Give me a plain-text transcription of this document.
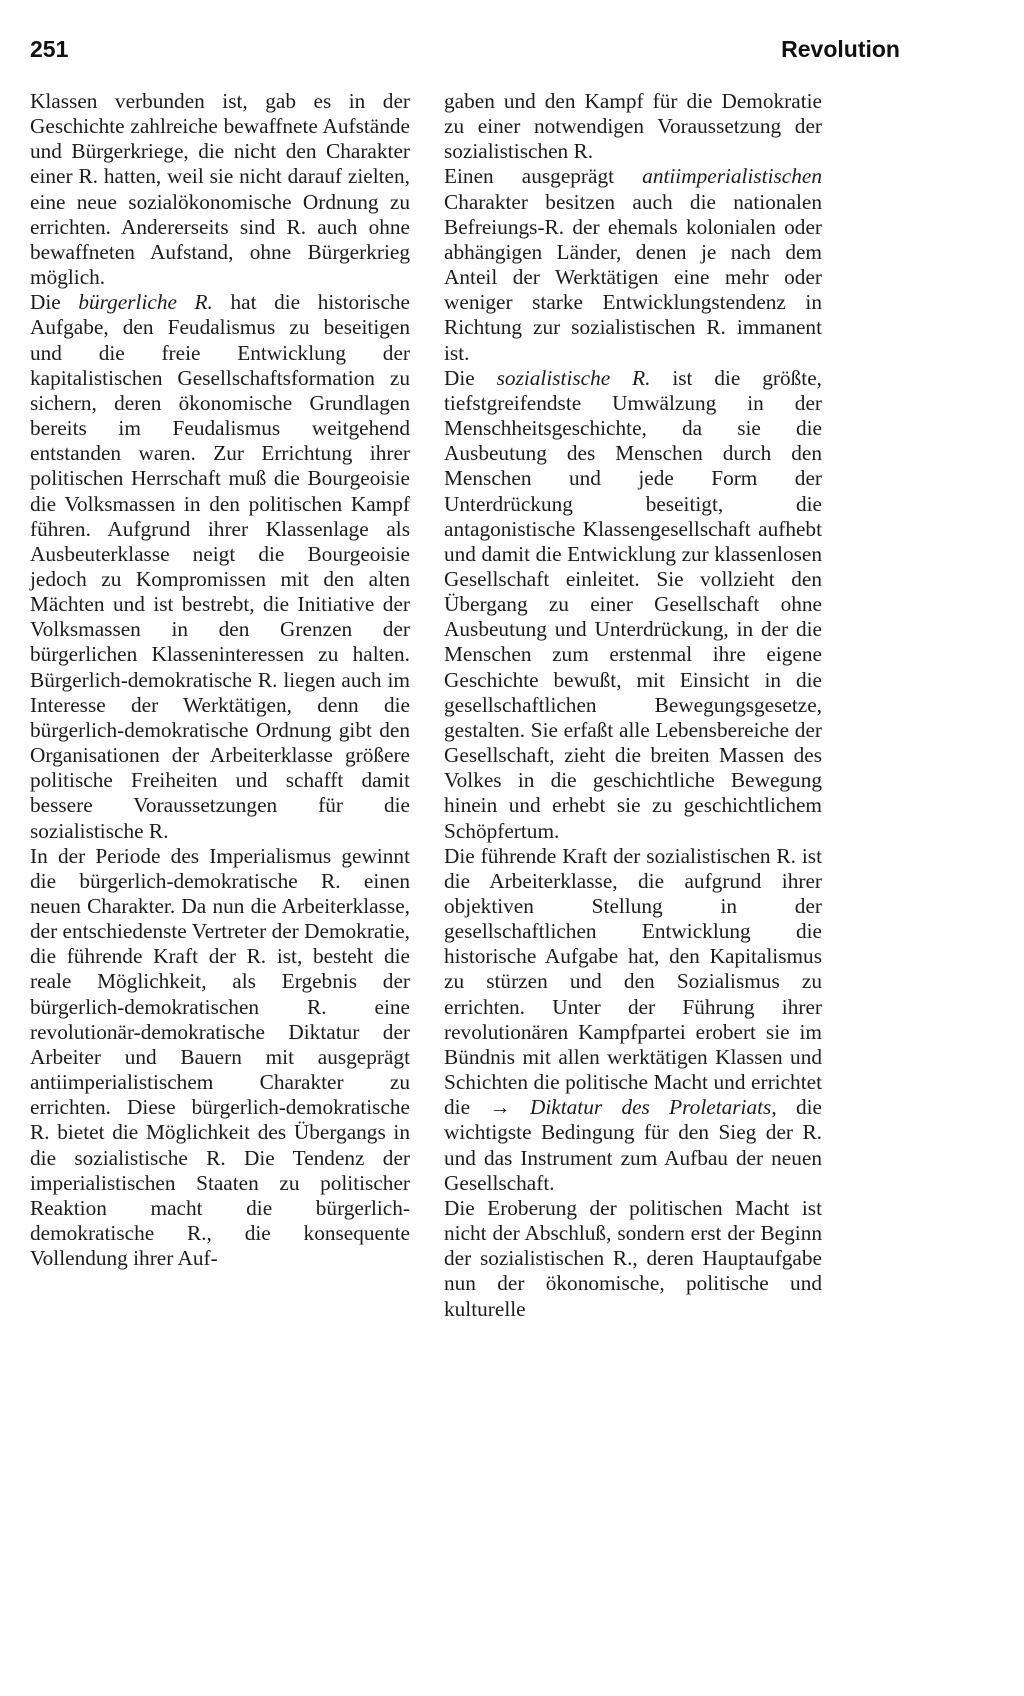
251	Revolution

Klassen verbunden ist, gab es in der Geschichte zahlreiche bewaffnete Aufstände und Bürgerkriege, die nicht den Charakter einer R. hatten, weil sie nicht darauf zielten, eine neue sozialökonomische Ordnung zu errichten. Andererseits sind R. auch ohne bewaffneten Aufstand, ohne Bürgerkrieg möglich.

Die bürgerliche R. hat die historische Aufgabe, den Feudalismus zu beseitigen und die freie Entwicklung der kapitalistischen Gesellschaftsformation zu sichern, deren ökonomische Grundlagen bereits im Feudalismus weitgehend entstanden waren. Zur Errichtung ihrer politischen Herrschaft muß die Bourgeoisie die Volksmassen in den politischen Kampf führen. Aufgrund ihrer Klassenlage als Ausbeuterklasse neigt die Bourgeoisie jedoch zu Kompromissen mit den alten Mächten und ist bestrebt, die Initiative der Volksmassen in den Grenzen der bürgerlichen Klasseninteressen zu halten. Bürgerlich-demokratische R. liegen auch im Interesse der Werktätigen, denn die bürgerlich-demokratische Ordnung gibt den Organisationen der Arbeiterklasse größere politische Freiheiten und schafft damit bessere Voraussetzungen für die sozialistische R.

In der Periode des Imperialismus gewinnt die bürgerlich-demokratische R. einen neuen Charakter. Da nun die Arbeiterklasse, der entschiedenste Vertreter der Demokratie, die führende Kraft der R. ist, besteht die reale Möglichkeit, als Ergebnis der bürgerlich-demokratischen R. eine revolutionär-demokratische Diktatur der Arbeiter und Bauern mit ausgeprägt antiimperialistischem Charakter zu errichten. Diese bürgerlich-demokratische R. bietet die Möglichkeit des Übergangs in die sozialistische R. Die Tendenz der imperialistischen Staaten zu politischer Reaktion macht die bürgerlich-demokratische R., die konsequente Vollendung ihrer Auf-

gaben und den Kampf für die Demokratie zu einer notwendigen Voraussetzung der sozialistischen R.

Einen ausgeprägt antiimperialistischen Charakter besitzen auch die nationalen Befreiungs-R. der ehemals kolonialen oder abhängigen Länder, denen je nach dem Anteil der Werktätigen eine mehr oder weniger starke Entwicklungstendenz in Richtung zur sozialistischen R. immanent ist.

Die sozialistische R. ist die größte, tiefstgreifendste Umwälzung in der Menschheitsgeschichte, da sie die Ausbeutung des Menschen durch den Menschen und jede Form der Unterdrückung beseitigt, die antagonistische Klassengesellschaft aufhebt und damit die Entwicklung zur klassenlosen Gesellschaft einleitet. Sie vollzieht den Übergang zu einer Gesellschaft ohne Ausbeutung und Unterdrückung, in der die Menschen zum erstenmal ihre eigene Geschichte bewußt, mit Einsicht in die gesellschaftlichen Bewegungsgesetze, gestalten. Sie erfaßt alle Lebensbereiche der Gesellschaft, zieht die breiten Massen des Volkes in die geschichtliche Bewegung hinein und erhebt sie zu geschichtlichem Schöpfertum.

Die führende Kraft der sozialistischen R. ist die Arbeiterklasse, die aufgrund ihrer objektiven Stellung in der gesellschaftlichen Entwicklung die historische Aufgabe hat, den Kapitalismus zu stürzen und den Sozialismus zu errichten. Unter der Führung ihrer revolutionären Kampfpartei erobert sie im Bündnis mit allen werktätigen Klassen und Schichten die politische Macht und errichtet die → Diktatur des Proletariats, die wichtigste Bedingung für den Sieg der R. und das Instrument zum Aufbau der neuen Gesellschaft.

Die Eroberung der politischen Macht ist nicht der Abschluß, sondern erst der Beginn der sozialistischen R., deren Hauptaufgabe nun der ökonomische, politische und kulturelle
